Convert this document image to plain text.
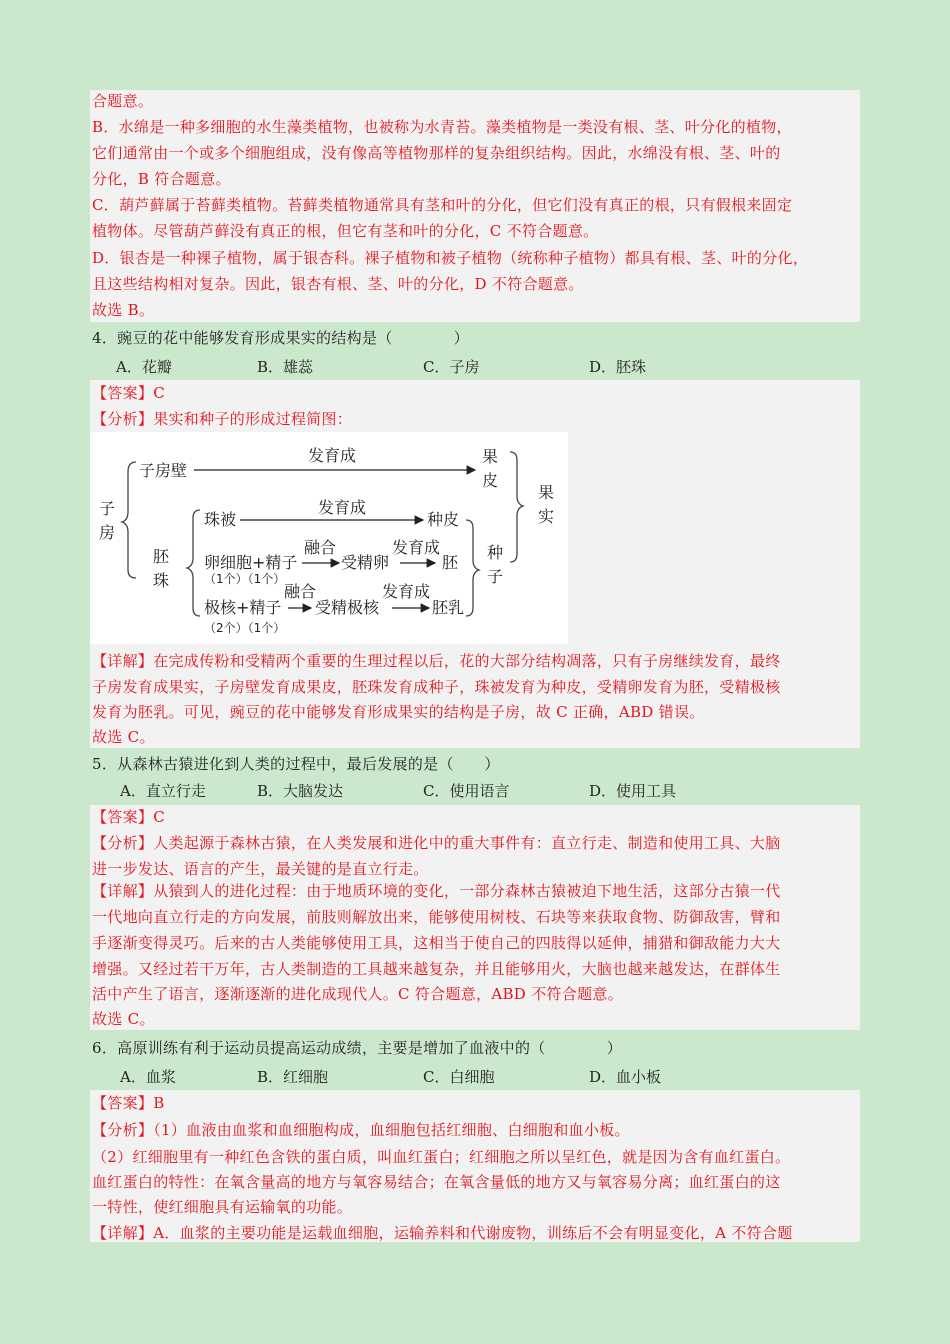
合题意。
B．水绵是一种多细胞的水生藻类植物，也被称为水青苔。藻类植物是一类没有根、茎、叶分化的植物，
它们通常由一个或多个细胞组成，没有像高等植物那样的复杂组织结构。因此，水绵没有根、茎、叶的
分化，B 符合题意。
C．葫芦藓属于苔藓类植物。苔藓类植物通常具有茎和叶的分化，但它们没有真正的根，只有假根来固定
植物体。尽管葫芦藓没有真正的根，但它有茎和叶的分化，C 不符合题意。
D．银杏是一种裸子植物，属于银杏科。裸子植物和被子植物（统称种子植物）都具有根、茎、叶的分化，
且这些结构相对复杂。因此，银杏有根、茎、叶的分化，D 不符合题意。
故选 B。
4．豌豆的花中能够发育形成果实的结构是（　　　　）
A．花瓣	B．雄蕊	C．子房	D．胚珠
【答案】C
【分析】果实和种子的形成过程简图：
子
房
子房壁
发育成	果
皮
果
实
胚
珠
珠被
发育成
种皮
卵细胞+精子
融合
受精卵
发育成
胚
（1个）（1个）
极核+精子
融合
受精极核
发育成
胚乳
（2个）（1个）
种
子
【详解】在完成传粉和受精两个重要的生理过程以后，花的大部分结构凋落，只有子房继续发育，最终
子房发育成果实，子房壁发育成果皮，胚珠发育成种子，珠被发育为种皮，受精卵发育为胚，受精极核
发育为胚乳。可见，豌豆的花中能够发育形成果实的结构是子房，故 C 正确，ABD 错误。
故选 C。
5．从森林古猿进化到人类的过程中，最后发展的是（　　）
A．直立行走	B．大脑发达	C．使用语言	D．使用工具
【答案】C
【分析】人类起源于森林古猿，在人类发展和进化中的重大事件有：直立行走、制造和使用工具、大脑
进一步发达、语言的产生，最关键的是直立行走。
【详解】从猿到人的进化过程：由于地质环境的变化，一部分森林古猿被迫下地生活，这部分古猿一代
一代地向直立行走的方向发展，前肢则解放出来，能够使用树枝、石块等来获取食物、防御敌害，臂和
手逐渐变得灵巧。后来的古人类能够使用工具，这相当于使自己的四肢得以延伸，捕猎和御敌能力大大
增强。又经过若干万年，古人类制造的工具越来越复杂，并且能够用火，大脑也越来越发达，在群体生
活中产生了语言，逐渐逐渐的进化成现代人。C 符合题意，ABD 不符合题意。
故选 C。
6．高原训练有利于运动员提高运动成绩，主要是增加了血液中的（　　　　）
A．血浆	B．红细胞	C．白细胞	D．血小板
【答案】B
【分析】（1）血液由血浆和血细胞构成，血细胞包括红细胞、白细胞和血小板。
（2）红细胞里有一种红色含铁的蛋白质，叫血红蛋白；红细胞之所以呈红色，就是因为含有血红蛋白。
血红蛋白的特性：在氧含量高的地方与氧容易结合；在氧含量低的地方又与氧容易分离；血红蛋白的这
一特性，使红细胞具有运输氧的功能。
【详解】A．血浆的主要功能是运载血细胞，运输养料和代谢废物，训练后不会有明显变化，A 不符合题
